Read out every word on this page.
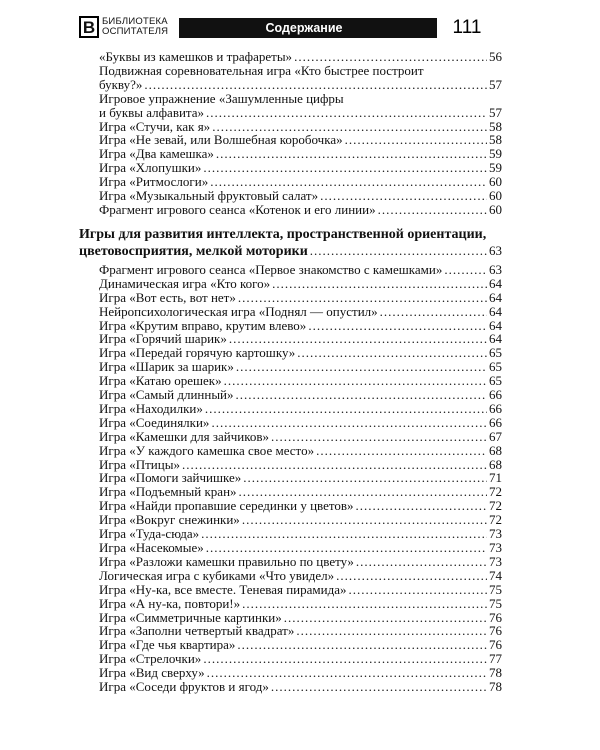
В БИБЛИОТЕКА
ОСПИТАТЕЛЯ	Содержание	111
«Буквы из камешков и трафареты» .....	56
Подвижная соревновательная игра «Кто быстрее построит
букву?» .....	57
Игровое упражнение «Зашумленные цифры
и буквы алфавита» .....	57
Игра «Стучи, как я» .....	58
Игра «Не зевай, или Волшебная коробочка» .....	58
Игра «Два камешка» .....	59
Игра «Хлопушки» .....	59
Игра «Ритмослоги» .....	60
Игра «Музыкальный фруктовый салат» .....	60
Фрагмент игрового сеанса «Котенок и его линии» .....	60
Игры для развития интеллекта, пространственной ориентации,
цветовосприятия, мелкой моторики .....	63
Фрагмент игрового сеанса «Первое знакомство с камешками» .....	63
Динамическая игра «Кто кого» .....	64
Игра «Вот есть, вот нет» .....	64
Нейропсихологическая игра «Поднял — опустил» .....	64
Игра «Крутим вправо, крутим влево» .....	64
Игра «Горячий шарик» .....	64
Игра «Передай горячую картошку» .....	65
Игра «Шарик за шарик» .....	65
Игра «Катаю орешек» .....	65
Игра «Самый длинный» .....	66
Игра «Находилки» .....	66
Игра «Соединялки» .....	66
Игра «Камешки для зайчиков» .....	67
Игра «У каждого камешка свое место» .....	68
Игра «Птицы» .....	68
Игра «Помоги зайчишке» .....	71
Игра «Подъемный кран» .....	72
Игра «Найди пропавшие серединки у цветов» .....	72
Игра «Вокруг снежинки» .....	72
Игра «Туда-сюда» .....	73
Игра «Насекомые» .....	73
Игра «Разложи камешки правильно по цвету» .....	73
Логическая игра с кубиками «Что увидел» .....	74
Игра «Ну-ка, все вместе. Теневая пирамида» .....	75
Игра «А ну-ка, повтори!» .....	75
Игра «Симметричные картинки» .....	76
Игра «Заполни четвертый квадрат» .....	76
Игра «Где чья квартира» .....	76
Игра «Стрелочки» .....	77
Игра «Вид сверху» .....	78
Игра «Соседи фруктов и ягод» .....	78
